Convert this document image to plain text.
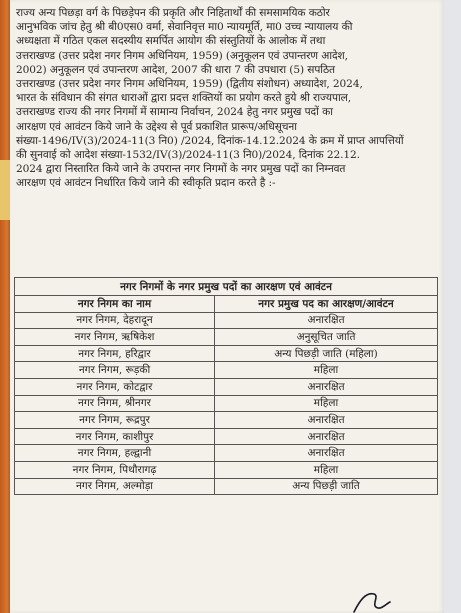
राज्य अन्य पिछड़ा वर्ग के पिछड़ेपन की प्रकृति और निहितार्थों की समसामयिक कठोर
आनुभविक जांच हेतु श्री बी0एस0 वर्मा, सेवानिवृत्त मा0 न्यायमूर्ति, मा0 उच्च न्यायालय की
अध्यक्षता में गठित एकल सदस्यीय समर्पित आयोग की संस्तुतियों के आलोक में तथा
उत्तराखण्ड (उत्तर प्रदेश नगर निगम अधिनियम, 1959) (अनुकूलन एवं उपान्तरण आदेश,
2002) अनुकूलन एवं उपान्तरण आदेश, 2007 की धारा 7 की उपधारा (5) सपठित
उत्तराखण्ड (उत्तर प्रदेश नगर निगम अधिनियम, 1959) (द्वितीय संशोधन) अध्यादेश, 2024,
भारत के संविधान की संगत धाराओं द्वारा प्रदत्त शक्तियों का प्रयोग करते हुये श्री राज्यपाल,
उत्तराखण्ड राज्य की नगर निगमों में सामान्य निर्वाचन, 2024 हेतु नगर प्रमुख पदों का
आरक्षण एवं आवंटन किये जाने के उद्देश्य से पूर्व प्रकाशित प्रारूप/अधिसूचना
संख्या-1496/IV(3)/2024-11(3 नि0) /2024, दिनांक-14.12.2024 के क्रम में प्राप्त आपत्तियों
की सुनवाई को आदेश संख्या-1532/IV(3)/2024-11(3 नि0)/2024, दिनांक 22.12.
2024 द्वारा निस्तारित किये जाने के उपरान्त नगर निगमों के नगर प्रमुख पदों का निम्नवत
आरक्षण एवं आवंटन निर्धारित किये जाने की स्वीकृति प्रदान करते है :-
नगर निगमों के नगर प्रमुख पदों का आरक्षण एवं आवंटन	
नगर निगम का नाम	नगर प्रमुख पद का आरक्षण/आवंटन
नगर निगम, देहरादून	अनारक्षित
नगर निगम, ऋषिकेश	अनुसूचित जाति
नगर निगम, हरिद्वार	अन्य पिछड़ी जाति (महिला)
नगर निगम, रूड़की	महिला
नगर निगम, कोटद्वार	अनारक्षित
नगर निगम, श्रीनगर	महिला
नगर निगम, रूद्रपुर	अनारक्षित
नगर निगम, काशीपुर	अनारक्षित
नगर निगम, हल्द्वानी	अनारक्षित
नगर निगम, पिथौरागढ़	महिला
नगर निगम, अल्मोड़ा	अन्य पिछड़ी जाति
